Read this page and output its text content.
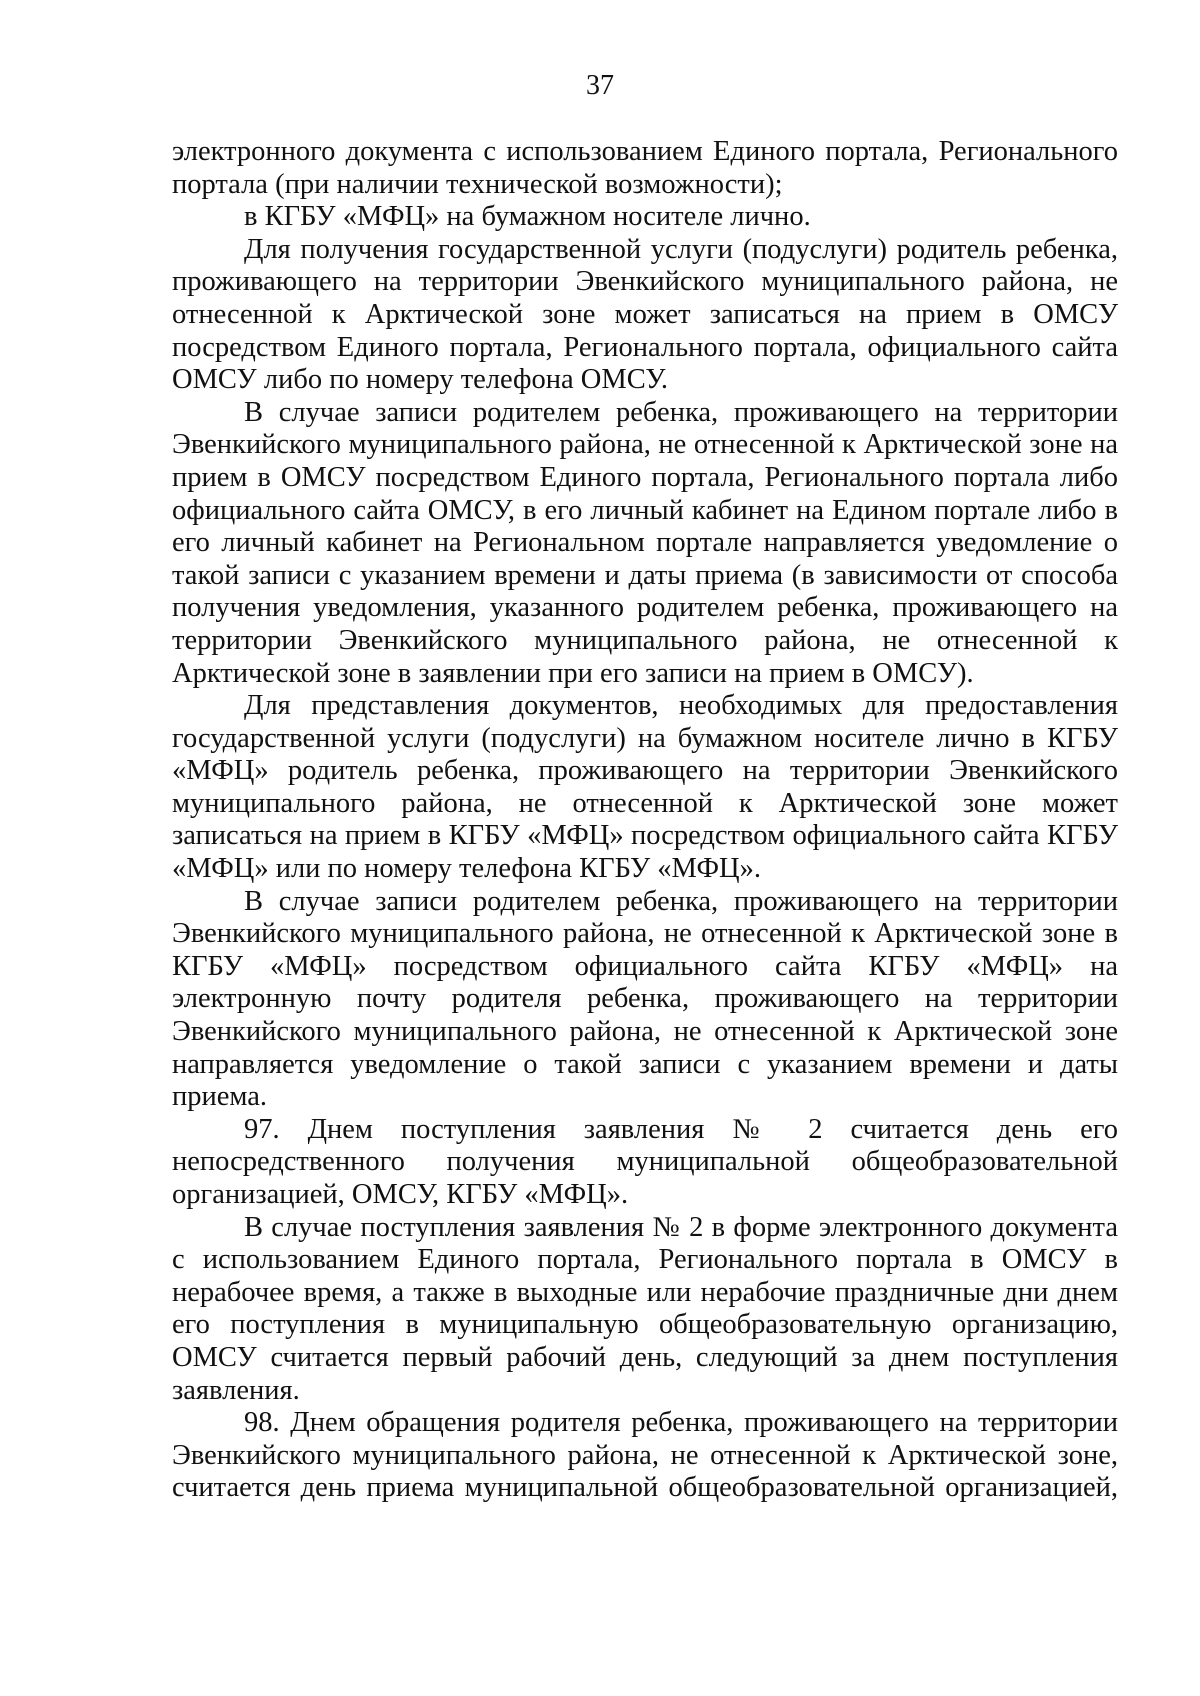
37

электронного документа с использованием Единого портала, Регионального портала (при наличии технической возможности);

в КГБУ «МФЦ» на бумажном носителе лично.

Для получения государственной услуги (подуслуги) родитель ребенка, проживающего на территории Эвенкийского муниципального района, не отнесенной к Арктической зоне может записаться на прием в ОМСУ посредством Единого портала, Регионального портала, официального сайта ОМСУ либо по номеру телефона ОМСУ.

В случае записи родителем ребенка, проживающего на территории Эвенкийского муниципального района, не отнесенной к Арктической зоне на прием в ОМСУ посредством Единого портала, Регионального портала либо официального сайта ОМСУ, в его личный кабинет на Едином портале либо в его личный кабинет на Региональном портале направляется уведомление о такой записи с указанием времени и даты приема (в зависимости от способа получения уведомления, указанного родителем ребенка, проживающего на территории Эвенкийского муниципального района, не отнесенной к Арктической зоне в заявлении при его записи на прием в ОМСУ).

Для представления документов, необходимых для предоставления государственной услуги (подуслуги) на бумажном носителе лично в КГБУ «МФЦ» родитель ребенка, проживающего на территории Эвенкийского муниципального района, не отнесенной к Арктической зоне может записаться на прием в КГБУ «МФЦ» посредством официального сайта КГБУ «МФЦ» или по номеру телефона КГБУ «МФЦ».

В случае записи родителем ребенка, проживающего на территории Эвенкийского муниципального района, не отнесенной к Арктической зоне в КГБУ «МФЦ» посредством официального сайта КГБУ «МФЦ» на электронную почту родителя ребенка, проживающего на территории Эвенкийского муниципального района, не отнесенной к Арктической зоне направляется уведомление о такой записи с указанием времени и даты приема.

97. Днем поступления заявления № 2 считается день его непосредственного получения муниципальной общеобразовательной организацией, ОМСУ, КГБУ «МФЦ».

В случае поступления заявления № 2 в форме электронного документа с использованием Единого портала, Регионального портала в ОМСУ в нерабочее время, а также в выходные или нерабочие праздничные дни днем его поступления в муниципальную общеобразовательную организацию, ОМСУ считается первый рабочий день, следующий за днем поступления заявления.

98. Днем обращения родителя ребенка, проживающего на территории Эвенкийского муниципального района, не отнесенной к Арктической зоне, считается день приема муниципальной общеобразовательной организацией,
